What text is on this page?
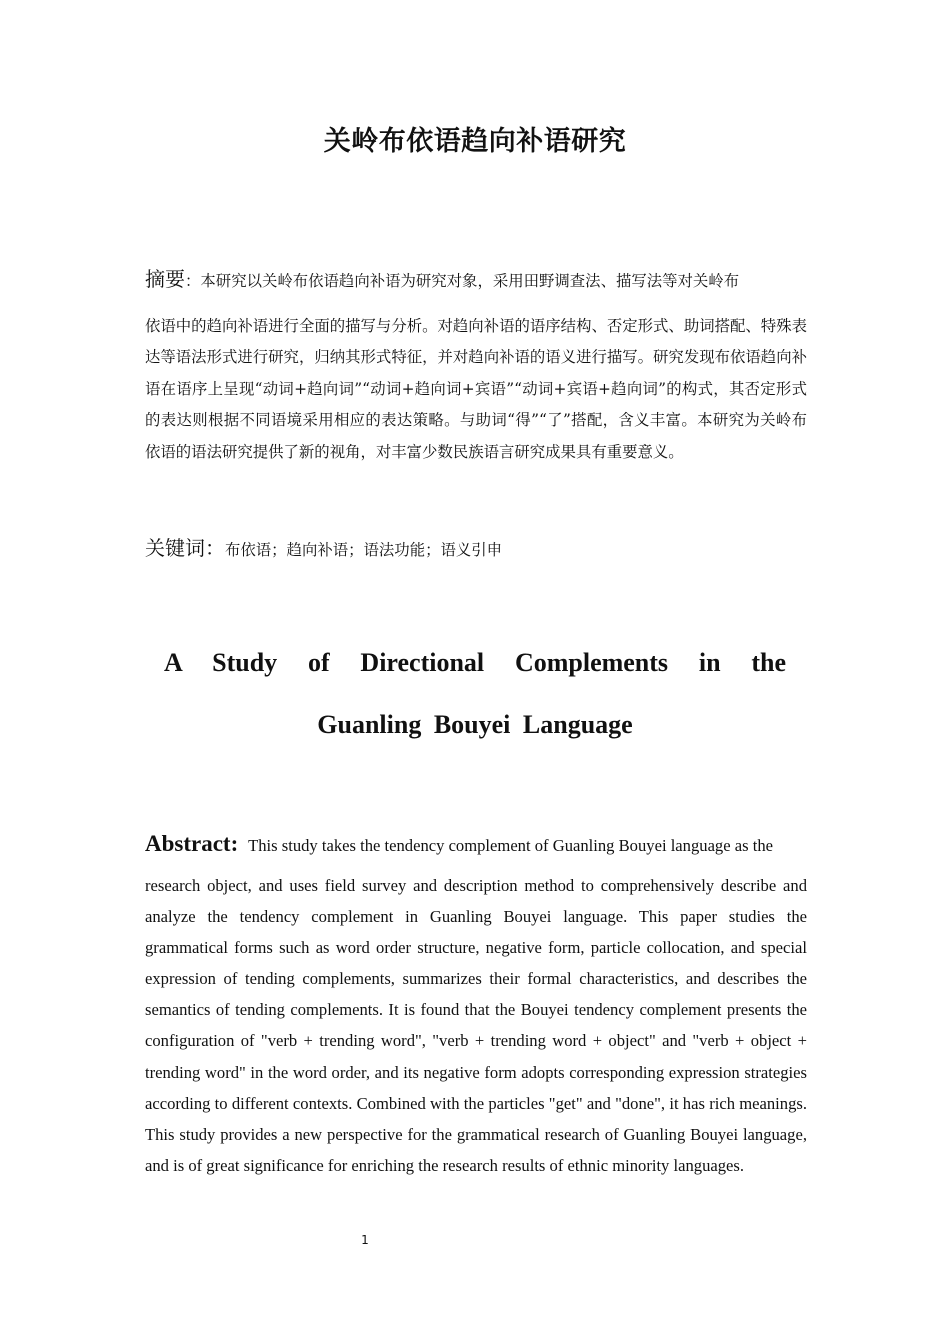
关岭布依语趋向补语研究
摘要：本研究以关岭布依语趋向补语为研究对象，采用田野调查法、描写法等对关岭布
依语中的趋向补语进行全面的描写与分析。对趋向补语的语序结构、否定形式、助词搭配、特殊表达等语法形式进行研究，归纳其形式特征，并对趋向补语的语义进行描写。研究发现布依语趋向补语在语序上呈现“动词+趋向词”“动词+趋向词+宾语”“动词+宾语+趋向词”的构式，其否定形式的表达则根据不同语境采用相应的表达策略。与助词“得”“了”搭配，含义丰富。本研究为关岭布依语的语法研究提供了新的视角，对丰富少数民族语言研究成果具有重要意义。
关键词：布依语；趋向补语；语法功能；语义引申
A Study of Directional Complements in the Guanling Bouyei Language
Abstract: This study takes the tendency complement of Guanling Bouyei language as the
research object, and uses field survey and description method to comprehensively describe and analyze the tendency complement in Guanling Bouyei language. This paper studies the grammatical forms such as word order structure, negative form, particle collocation, and special expression of tending complements, summarizes their formal characteristics, and describes the semantics of tending complements. It is found that the Bouyei tendency complement presents the configuration of "verb + trending word", "verb + trending word + object" and "verb + object + trending word" in the word order, and its negative form adopts corresponding expression strategies according to different contexts. Combined with the particles "get" and "done", it has rich meanings. This study provides a new perspective for the grammatical research of Guanling Bouyei language, and is of great significance for enriching the research results of ethnic minority languages.
1
